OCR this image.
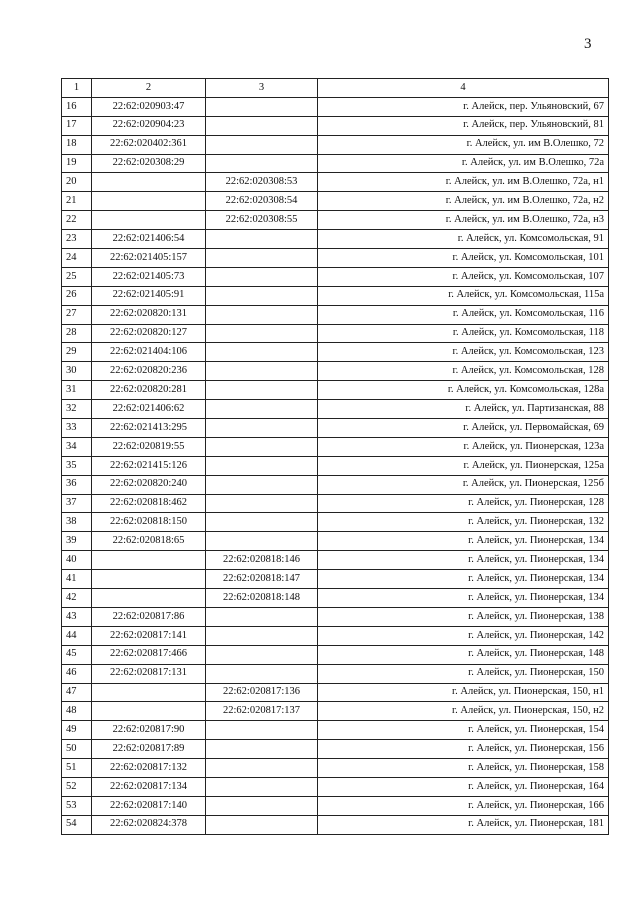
3
1	2	3	4
16	22:62:020903:47		г. Алейск, пер. Ульяновский, 67
17	22:62:020904:23		г. Алейск, пер. Ульяновский, 81
18	22:62:020402:361		г. Алейск, ул. им В.Олешко, 72
19	22:62:020308:29		г. Алейск, ул. им В.Олешко, 72а
20		22:62:020308:53	г. Алейск, ул. им В.Олешко, 72а, н1
21		22:62:020308:54	г. Алейск, ул. им В.Олешко, 72а, н2
22		22:62:020308:55	г. Алейск, ул. им В.Олешко, 72а, н3
23	22:62:021406:54		г. Алейск, ул. Комсомольская, 91
24	22:62:021405:157		г. Алейск, ул. Комсомольская, 101
25	22:62:021405:73		г. Алейск, ул. Комсомольская, 107
26	22:62:021405:91		г. Алейск, ул. Комсомольская, 115а
27	22:62:020820:131		г. Алейск, ул. Комсомольская, 116
28	22:62:020820:127		г. Алейск, ул. Комсомольская, 118
29	22:62:021404:106		г. Алейск, ул. Комсомольская, 123
30	22:62:020820:236		г. Алейск, ул. Комсомольская, 128
31	22:62:020820:281		г. Алейск, ул. Комсомольская, 128а
32	22:62:021406:62		г. Алейск, ул. Партизанская, 88
33	22:62:021413:295		г. Алейск, ул. Первомайская, 69
34	22:62:020819:55		г. Алейск, ул. Пионерская, 123а
35	22:62:021415:126		г. Алейск, ул. Пионерская, 125а
36	22:62:020820:240		г. Алейск, ул. Пионерская, 125б
37	22:62:020818:462		г. Алейск, ул. Пионерская, 128
38	22:62:020818:150		г. Алейск, ул. Пионерская, 132
39	22:62:020818:65		г. Алейск, ул. Пионерская, 134
40		22:62:020818:146	г. Алейск, ул. Пионерская, 134
41		22:62:020818:147	г. Алейск, ул. Пионерская, 134
42		22:62:020818:148	г. Алейск, ул. Пионерская, 134
43	22:62:020817:86		г. Алейск, ул. Пионерская, 138
44	22:62:020817:141		г. Алейск, ул. Пионерская, 142
45	22:62:020817:466		г. Алейск, ул. Пионерская, 148
46	22:62:020817:131		г. Алейск, ул. Пионерская, 150
47		22:62:020817:136	г. Алейск, ул. Пионерская, 150, н1
48		22:62:020817:137	г. Алейск, ул. Пионерская, 150, н2
49	22:62:020817:90		г. Алейск, ул. Пионерская, 154
50	22:62:020817:89		г. Алейск, ул. Пионерская, 156
51	22:62:020817:132		г. Алейск, ул. Пионерская, 158
52	22:62:020817:134		г. Алейск, ул. Пионерская, 164
53	22:62:020817:140		г. Алейск, ул. Пионерская, 166
54	22:62:020824:378		г. Алейск, ул. Пионерская, 181
